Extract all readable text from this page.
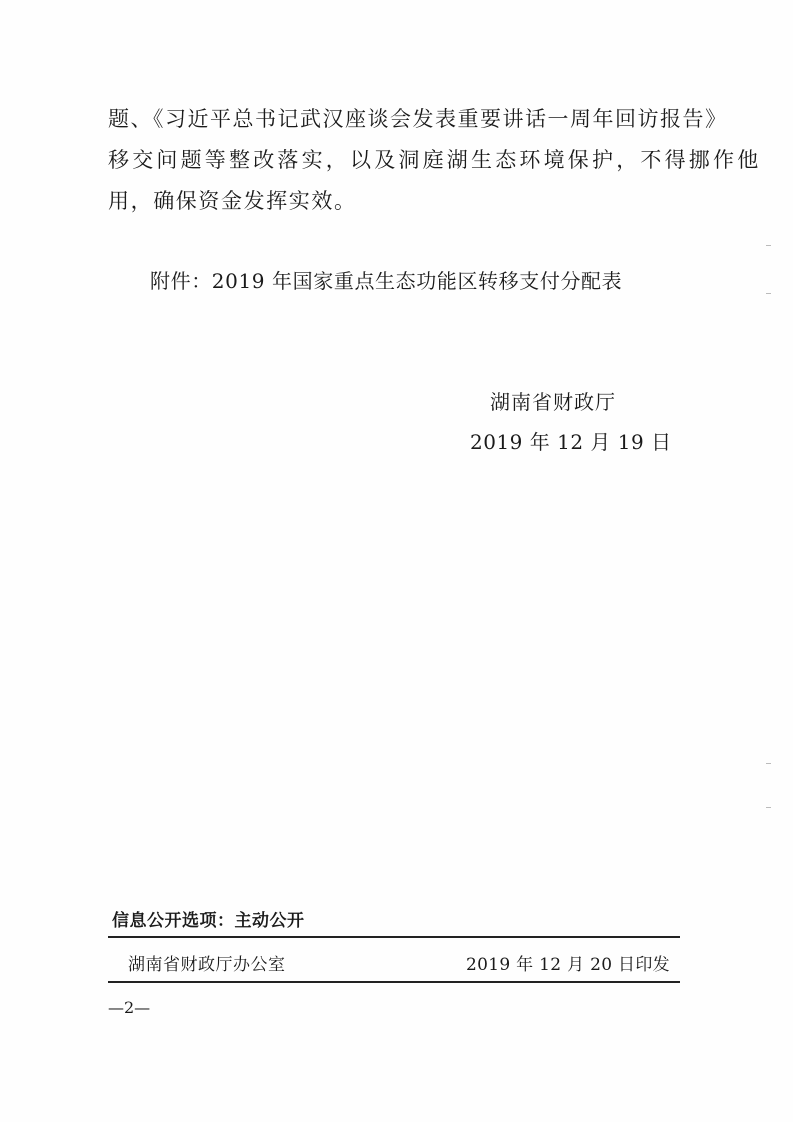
题、《习近平总书记武汉座谈会发表重要讲话一周年回访报告》
移交问题等整改落实，以及洞庭湖生态环境保护，不得挪作他
用，确保资金发挥实效。
附件：2019 年国家重点生态功能区转移支付分配表
湖南省财政厅
2019 年 12 月 19 日
信息公开选项：主动公开
湖南省财政厅办公室	2019 年 12 月 20 日印发
—2—
